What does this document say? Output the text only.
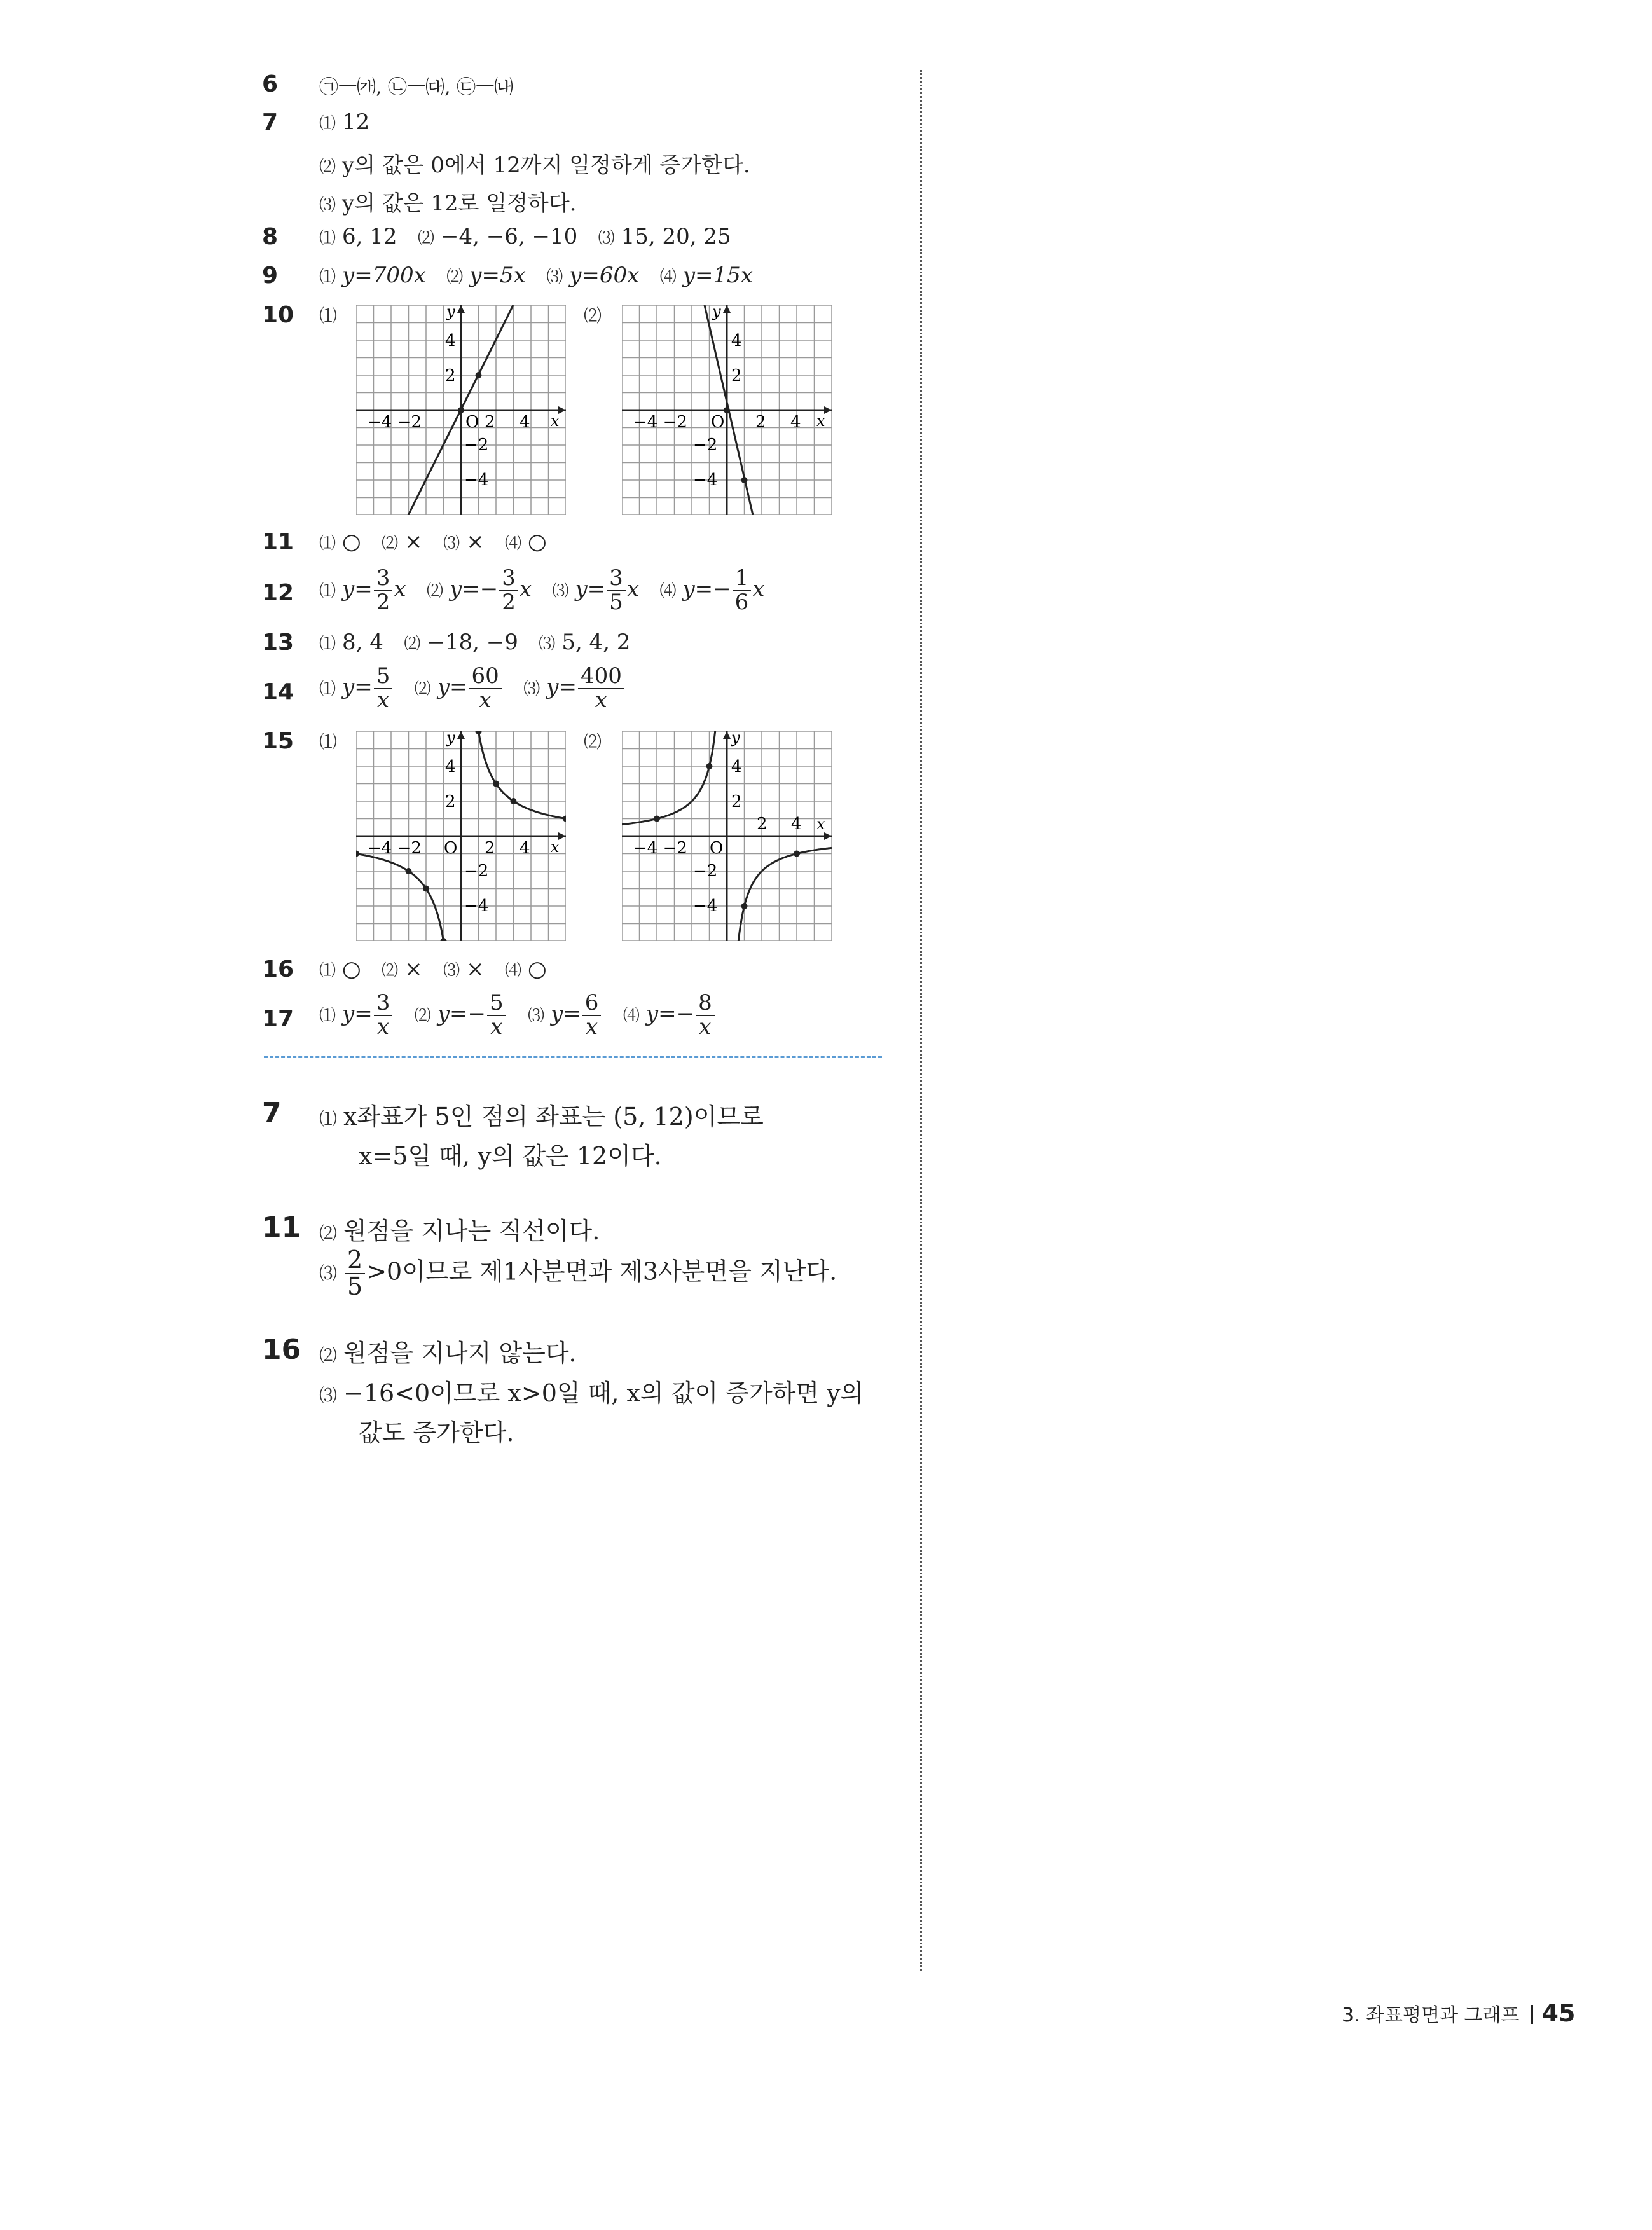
6 ㉠ㅡ㈎, ㉡ㅡ㈐, ㉢ㅡ㈏
7 ⑴ 12
⑵ y의 값은 0에서 12까지 일정하게 증가한다.
⑶ y의 값은 12로 일정하다.
8 ⑴ 6, 12 ⑵ −4, −6, −10 ⑶ 15, 20, 25
9 ⑴ y=700x ⑵ y=5x ⑶ y=60x ⑷ y=15x
10 ⑴	⑵
y
x
4
2
−4 −2	O 2 4
−2
−4
y
x
4
2
−4 −2 O 2 4
−2
−4
11 ⑴ ○ ⑵ × ⑶ × ⑷ ○
12 ⑴ $y= \frac{3}{2}$ x ⑵ $y=- \frac{3}{2}$ x ⑶ $y= \frac{3}{5}$ x ⑷ $y=- \frac{1}{6}$ x
13 ⑴ 8, 4 ⑵ −18, −9 ⑶ 5, 4, 2
14 ⑴ $y= \frac{5}{x}$ ⑵ $y= \frac{60}{x}$ ⑶ $y= \frac{400}{x}$
15 ⑴	⑵
y
x
4
2
−4 −2 O 2 4
−2
−4
y
x
4
2
2 4
−4 −2 O
−2
−4
16 ⑴ ○ ⑵ × ⑶ × ⑷ ○
17 ⑴ $y= \frac{3}{x}$ ⑵ $y=- \frac{5}{x}$ ⑶ $y= \frac{6}{x}$ ⑷ $y=- \frac{8}{x}$
7 ⑴ x좌표가 5인 점의 좌표는 (5, 12)이므로
x=5일 때, y의 값은 12이다.
11 ⑵ 원점을 지나는 직선이다.
⑶ $\frac{2}{5} >0$이므로 제1사분면과 제3사분면을 지난다.
16 ⑵ 원점을 지나지 않는다.
⑶ −16<0이므로 x>0일 때, x의 값이 증가하면 y의
값도 증가한다.
3. 좌표평면과 그래프 45
